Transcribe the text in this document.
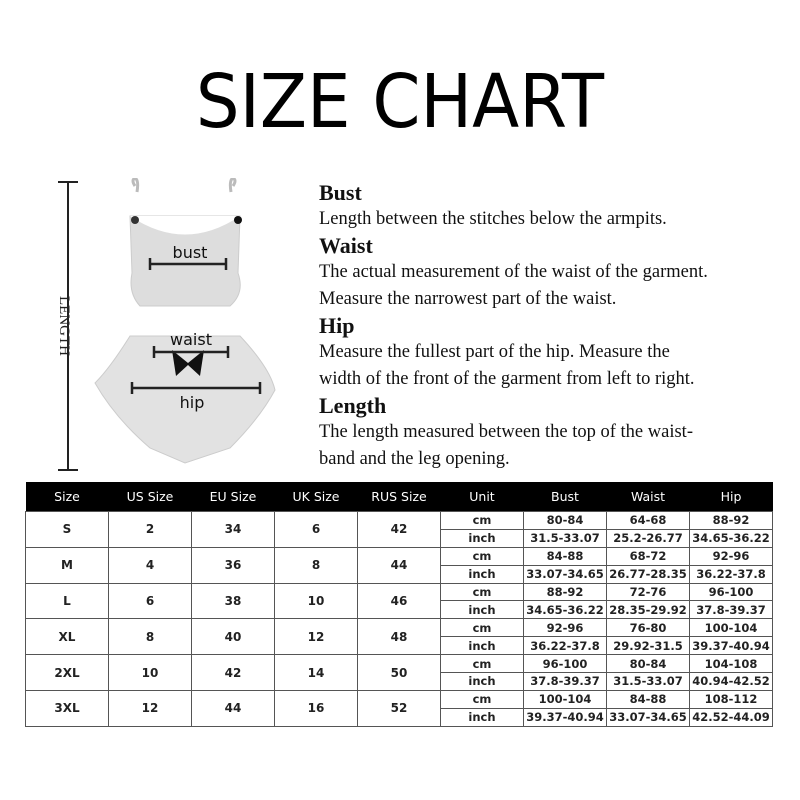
SIZE CHART
LENGTH
bust
waist
hip
Bust

Length between the stitches below the armpits.

Waist

The actual measurement of the waist of the garment.

Measure the narrowest part of the waist.

Hip

Measure the fullest part of the hip. Measure the

width of the front of the garment from left to right.

Length

The length measured between the top of the waist-

band and the leg opening.

Size	US Size	EU Size	UK Size	RUS Size	Unit	Bust	Waist	Hip
S	2	34	6	42	cm	80-84	64-68	88-92
					inch	31.5-33.07	25.2-26.77	34.65-36.22
M	4	36	8	44	cm	84-88	68-72	92-96
					inch	33.07-34.65	26.77-28.35	36.22-37.8
L	6	38	10	46	cm	88-92	72-76	96-100
					inch	34.65-36.22	28.35-29.92	37.8-39.37
XL	8	40	12	48	cm	92-96	76-80	100-104
					inch	36.22-37.8	29.92-31.5	39.37-40.94
2XL	10	42	14	50	cm	96-100	80-84	104-108
					inch	37.8-39.37	31.5-33.07	40.94-42.52
3XL	12	44	16	52	cm	100-104	84-88	108-112
					inch	39.37-40.94	33.07-34.65	42.52-44.09
